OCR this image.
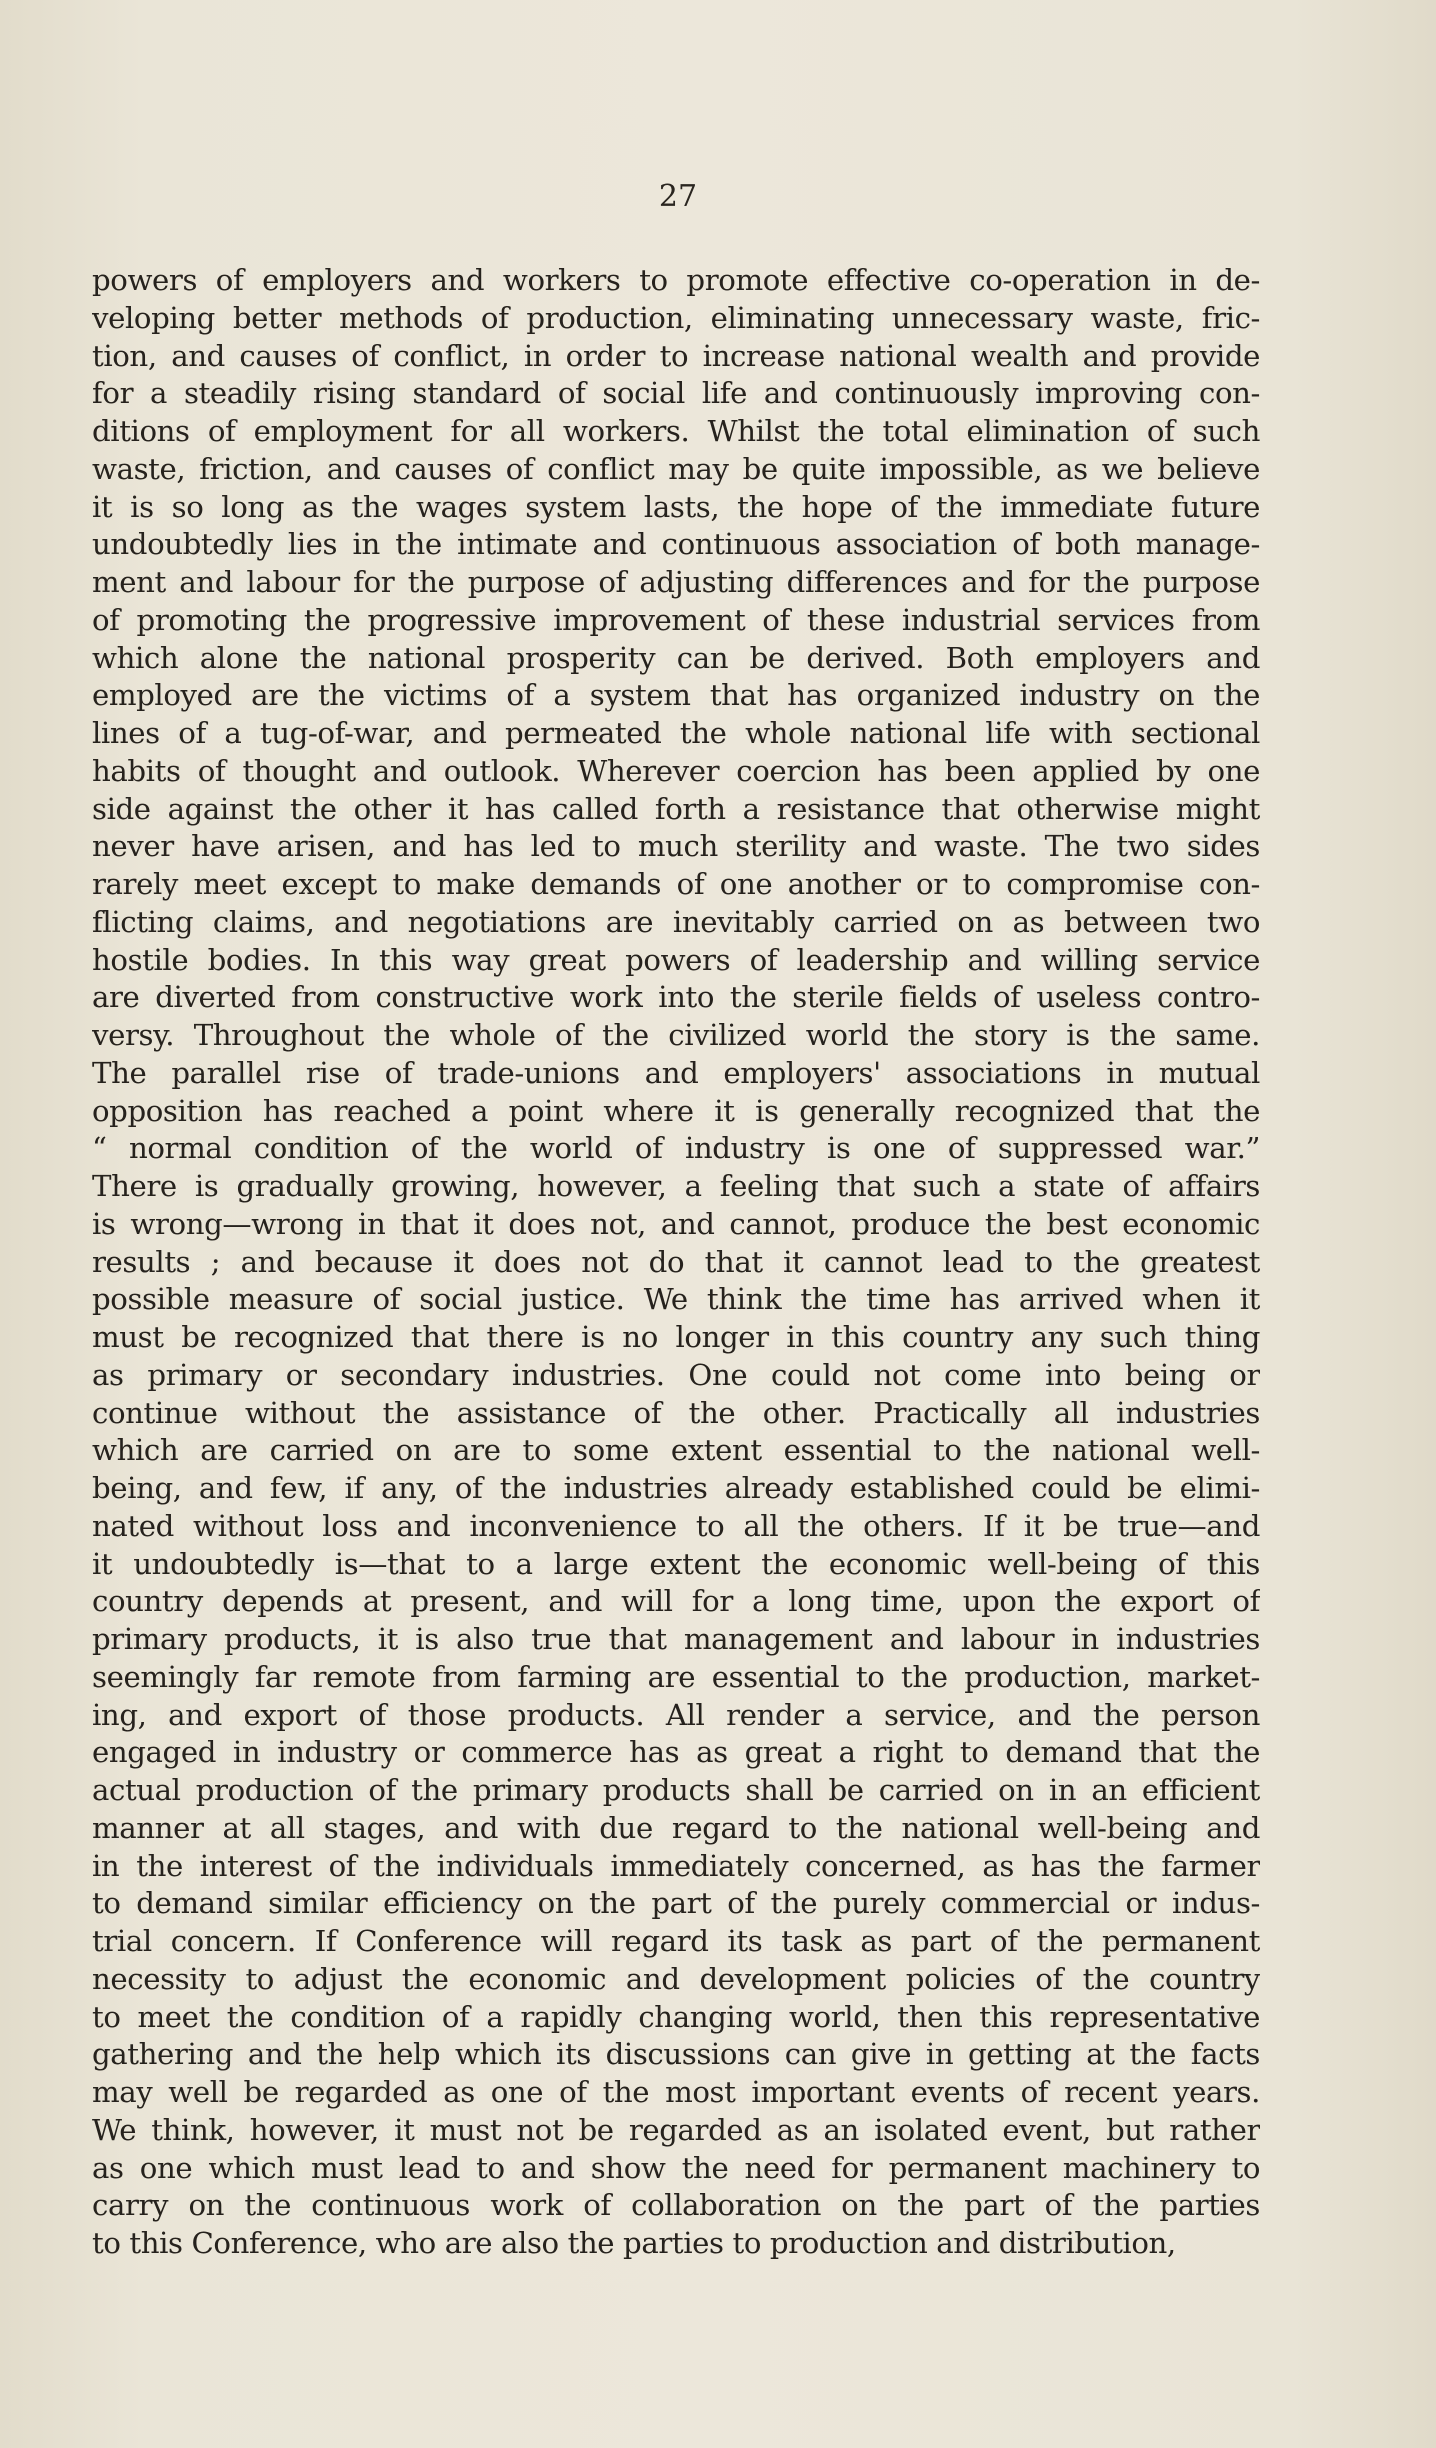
27
powers of employers and workers to promote effective co-operation in de-
veloping better methods of production, eliminating unnecessary waste, fric-
tion, and causes of conflict, in order to increase national wealth and provide
for a steadily rising standard of social life and continuously improving con-
ditions of employment for all workers. Whilst the total elimination of such
waste, friction, and causes of conflict may be quite impossible, as we believe
it is so long as the wages system lasts, the hope of the immediate future
undoubtedly lies in the intimate and continuous association of both manage-
ment and labour for the purpose of adjusting differences and for the purpose
of promoting the progressive improvement of these industrial services from
which alone the national prosperity can be derived. Both employers and
employed are the victims of a system that has organized industry on the
lines of a tug-of-war, and permeated the whole national life with sectional
habits of thought and outlook. Wherever coercion has been applied by one
side against the other it has called forth a resistance that otherwise might
never have arisen, and has led to much sterility and waste. The two sides
rarely meet except to make demands of one another or to compromise con-
flicting claims, and negotiations are inevitably carried on as between two
hostile bodies. In this way great powers of leadership and willing service
are diverted from constructive work into the sterile fields of useless contro-
versy. Throughout the whole of the civilized world the story is the same.
The parallel rise of trade-unions and employers' associations in mutual
opposition has reached a point where it is generally recognized that the
“ normal condition of the world of industry is one of suppressed war.”
There is gradually growing, however, a feeling that such a state of affairs
is wrong—wrong in that it does not, and cannot, produce the best economic
results ; and because it does not do that it cannot lead to the greatest
possible measure of social justice. We think the time has arrived when it
must be recognized that there is no longer in this country any such thing
as primary or secondary industries. One could not come into being or
continue without the assistance of the other. Practically all industries
which are carried on are to some extent essential to the national well-
being, and few, if any, of the industries already established could be elimi-
nated without loss and inconvenience to all the others. If it be true—and
it undoubtedly is—that to a large extent the economic well-being of this
country depends at present, and will for a long time, upon the export of
primary products, it is also true that management and labour in industries
seemingly far remote from farming are essential to the production, market-
ing, and export of those products. All render a service, and the person
engaged in industry or commerce has as great a right to demand that the
actual production of the primary products shall be carried on in an efficient
manner at all stages, and with due regard to the national well-being and
in the interest of the individuals immediately concerned, as has the farmer
to demand similar efficiency on the part of the purely commercial or indus-
trial concern. If Conference will regard its task as part of the permanent
necessity to adjust the economic and development policies of the country
to meet the condition of a rapidly changing world, then this representative
gathering and the help which its discussions can give in getting at the facts
may well be regarded as one of the most important events of recent years.
We think, however, it must not be regarded as an isolated event, but rather
as one which must lead to and show the need for permanent machinery to
carry on the continuous work of collaboration on the part of the parties
to this Conference, who are also the parties to production and distribution,
